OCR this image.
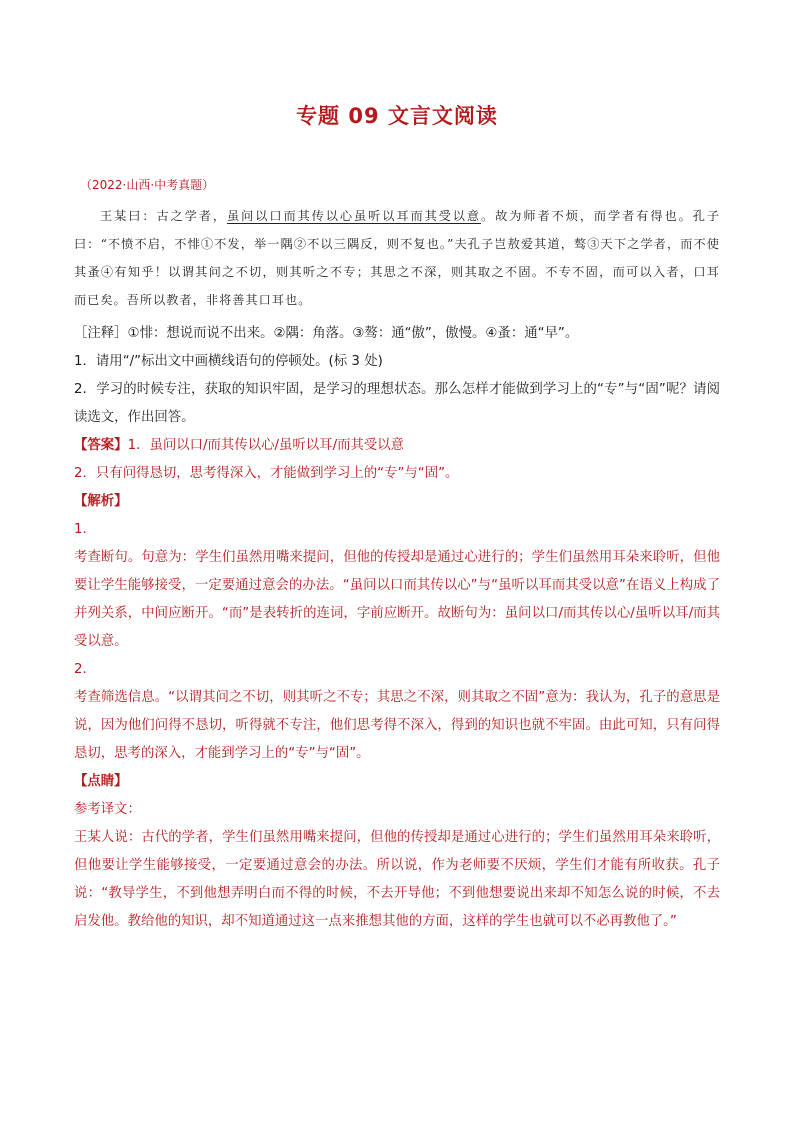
专题 09 文言文阅读
（2022·山西·中考真题）

王某曰：古之学者，虽问以口而其传以心虽听以耳而其受以意。故为师者不烦，而学者有得也。孔子曰：“不愤不启，不悱①不发，举一隅②不以三隅反，则不复也。”夫孔子岂敖爱其道，骜③天下之学者，而不使其蚤④有知乎！以谓其问之不切，则其听之不专；其思之不深，则其取之不固。不专不固，而可以入者，口耳而已矣。吾所以教者，非将善其口耳也。

［注释］①悱：想说而说不出来。②隅：角落。③骜：通“傲”，傲慢。④蚤：通“早”。

1．请用“/”标出文中画横线语句的停顿处。(标 3 处)

2．学习的时候专注，获取的知识牢固，是学习的理想状态。那么怎样才能做到学习上的“专”与“固”呢？请阅读选文，作出回答。

【答案】1．虽问以口/而其传以心/虽听以耳/而其受以意

2．只有问得恳切，思考得深入，才能做到学习上的“专”与“固”。

【解析】

1．

考查断句。句意为：学生们虽然用嘴来提问，但他的传授却是通过心进行的；学生们虽然用耳朵来聆听，但他要让学生能够接受，一定要通过意会的办法。“虽问以口而其传以心”与“虽听以耳而其受以意”在语义上构成了并列关系，中间应断开。“而”是表转折的连词，字前应断开。故断句为：虽问以口/而其传以心/虽听以耳/而其受以意。

2．

考查筛选信息。“以谓其问之不切，则其听之不专；其思之不深，则其取之不固”意为：我认为，孔子的意思是说，因为他们问得不恳切，听得就不专注，他们思考得不深入，得到的知识也就不牢固。由此可知，只有问得恳切，思考的深入，才能到学习上的“专”与“固”。

【点睛】

参考译文：

王某人说：古代的学者，学生们虽然用嘴来提问，但他的传授却是通过心进行的；学生们虽然用耳朵来聆听，但他要让学生能够接受，一定要通过意会的办法。所以说，作为老师要不厌烦，学生们才能有所收获。孔子说：“教导学生，不到他想弄明白而不得的时候，不去开导他；不到他想要说出来却不知怎么说的时候，不去启发他。教给他的知识，却不知道通过这一点来推想其他的方面，这样的学生也就可以不必再教他了。”
